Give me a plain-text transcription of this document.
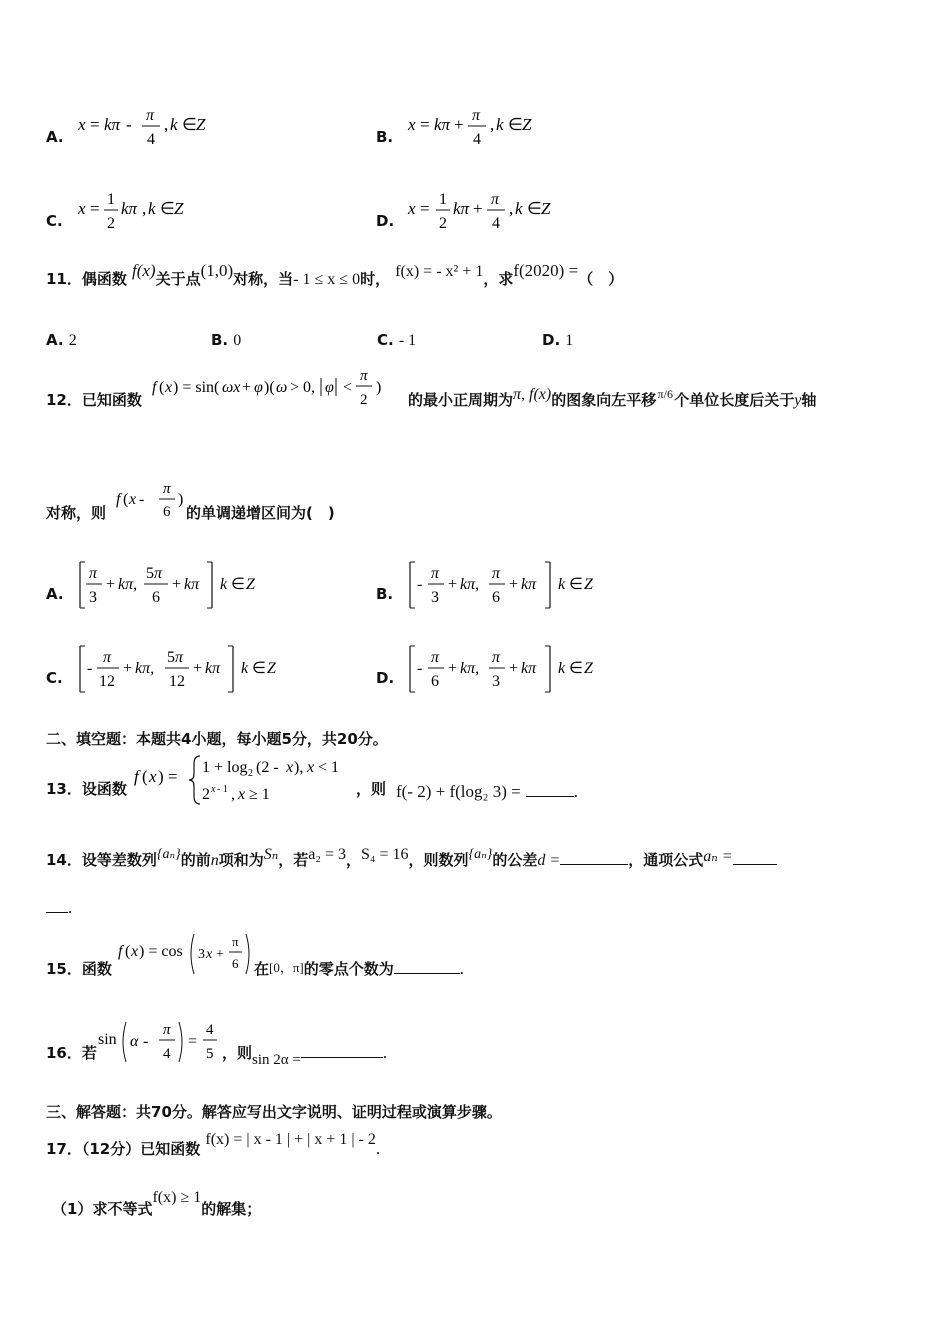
A.
x = kπ - π
4
, k ∈ Z
B.
x = kπ + π
4
, k ∈ Z
C.
x = 1
2
kπ , k ∈ Z
D.
x = 1
2
kπ + π
4
, k ∈ Z
11．偶函数 f(x)关于点(1,0)对称，当- 1 ≤ x ≤ 0时， f(x) = - x² + 1，求f(2020) =（　）
A. 2	B. 0	C. - 1	D. 1
12．已知函数
f ( x ) = sin( ωx + φ )( ω > 0, φ <
π
2
)
的最小正周期为π, f(x)的图象向左平移π/6个单位长度后关于y轴
对称，则
f ( x -
π
6
)
的单调递增区间为(　)
A.
π
3
+ kπ,
5 π
6
+ kπ k ∈ Z
B.
-
π
3
+ kπ,
π
6
+ kπ k ∈ Z
C.
-
π
12
+ kπ,
5 π
12
+ kπ k ∈ Z
D.
-
π
6
+ kπ,
π
3
+ kπ k ∈ Z
二、填空题：本题共4小题，每小题5分，共20分。
13．设函数
f ( x ) = 1 + log 2 (2 - x ), x < 1
2 x - 1 , x ≥ 1	，则 f(- 2) + f(log₂ 3) =	.
14．设等差数列{aₙ}的前n项和为Sₙ，若a₂ = 3，S₄ = 16，则数列{aₙ}的公差d =	，通项公式aₙ =
.
15．函数
f ( x ) = cos 3 x +
π
6 在[0，π]的零点个数为	.
16．若
sin α -
π
4
=
4
5 ，则sin 2α =	.
三、解答题：共70分。解答应写出文字说明、证明过程或演算步骤。
17．（12分）已知函数 f(x) = | x - 1 | + | x + 1 | - 2.
（1）求不等式f(x) ≥ 1的解集；
